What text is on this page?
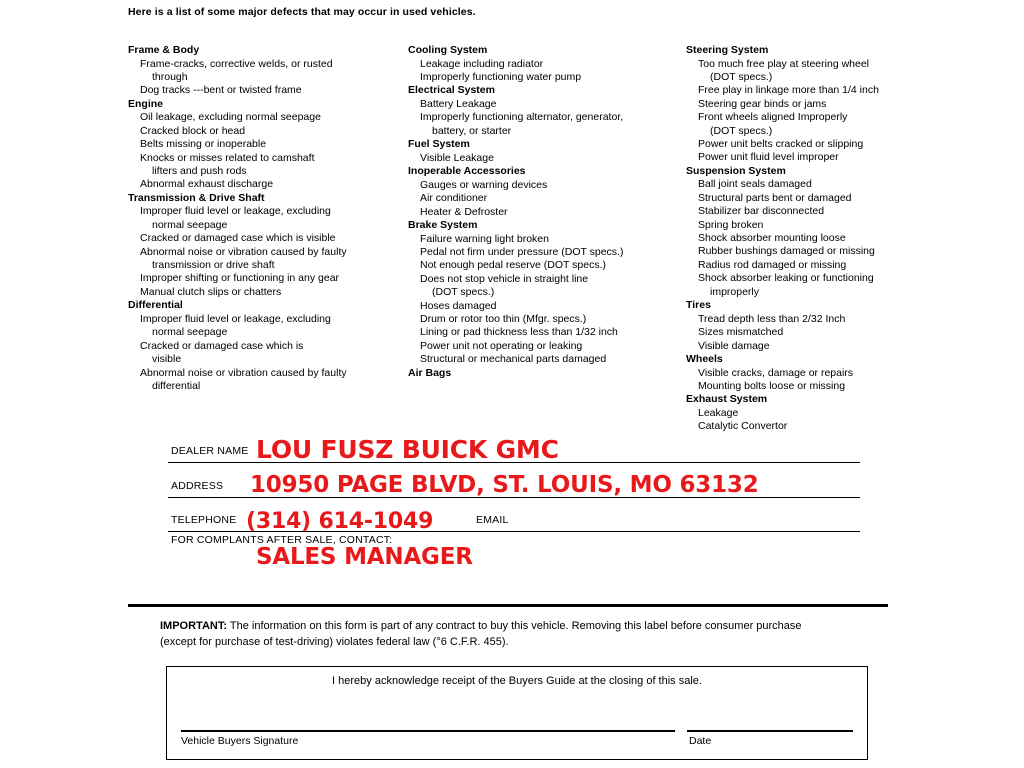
Here is a list of some major defects that may occur in used vehicles.
Frame & Body
Frame-cracks, corrective welds, or rusted
through
Dog tracks ---bent or twisted frame
Engine
Oil leakage, excluding normal seepage
Cracked block or head
Belts missing or inoperable
Knocks or misses related to camshaft
lifters and push rods
Abnormal exhaust discharge
Transmission & Drive Shaft
Improper fluid level or leakage, excluding
normal seepage
Cracked or damaged case which is visible
Abnormal noise or vibration caused by faulty
transmission or drive shaft
Improper shifting or functioning in any gear
Manual clutch slips or chatters
Differential
Improper fluid level or leakage, excluding
normal seepage
Cracked or damaged case which is
visible
Abnormal noise or vibration caused by faulty
differential
Cooling System
Leakage including radiator
Improperly functioning water pump
Electrical System
Battery Leakage
Improperly functioning alternator, generator,
battery, or starter
Fuel System
Visible Leakage
Inoperable Accessories
Gauges or warning devices
Air conditioner
Heater & Defroster
Brake System
Failure warning light broken
Pedal not firm under pressure (DOT specs.)
Not enough pedal reserve (DOT specs.)
Does not stop vehicle in straight line
(DOT specs.)
Hoses damaged
Drum or rotor too thin (Mfgr. specs.)
Lining or pad thickness less than 1/32 inch
Power unit not operating or leaking
Structural or mechanical parts damaged
Air Bags
Steering System
Too much free play at steering wheel
(DOT specs.)
Free play in linkage more than 1/4 inch
Steering gear binds or jams
Front wheels aligned Improperly
(DOT specs.)
Power unit belts cracked or slipping
Power unit fluid level improper
Suspension System
Ball joint seals damaged
Structural parts bent or damaged
Stabilizer bar disconnected
Spring broken
Shock absorber mounting loose
Rubber bushings damaged or missing
Radius rod damaged or missing
Shock absorber leaking or functioning
improperly
Tires
Tread depth less than 2/32 Inch
Sizes mismatched
Visible damage
Wheels
Visible cracks, damage or repairs
Mounting bolts loose or missing
Exhaust System
Leakage
Catalytic Convertor
DEALER NAME LOU FUSZ BUICK GMC
ADDRESS 10950 PAGE BLVD, ST. LOUIS, MO 63132
TELEPHONE (314) 614-1049	EMAIL
FOR COMPLANTS AFTER SALE, CONTACT:
SALES MANAGER
IMPORTANT: The information on this form is part of any contract to buy this vehicle. Removing this label before consumer purchase (except for purchase of test-driving) violates federal law (°6 C.F.R. 455).
I hereby acknowledge receipt of the Buyers Guide at the closing of this sale.
Vehicle Buyers Signature	Date
